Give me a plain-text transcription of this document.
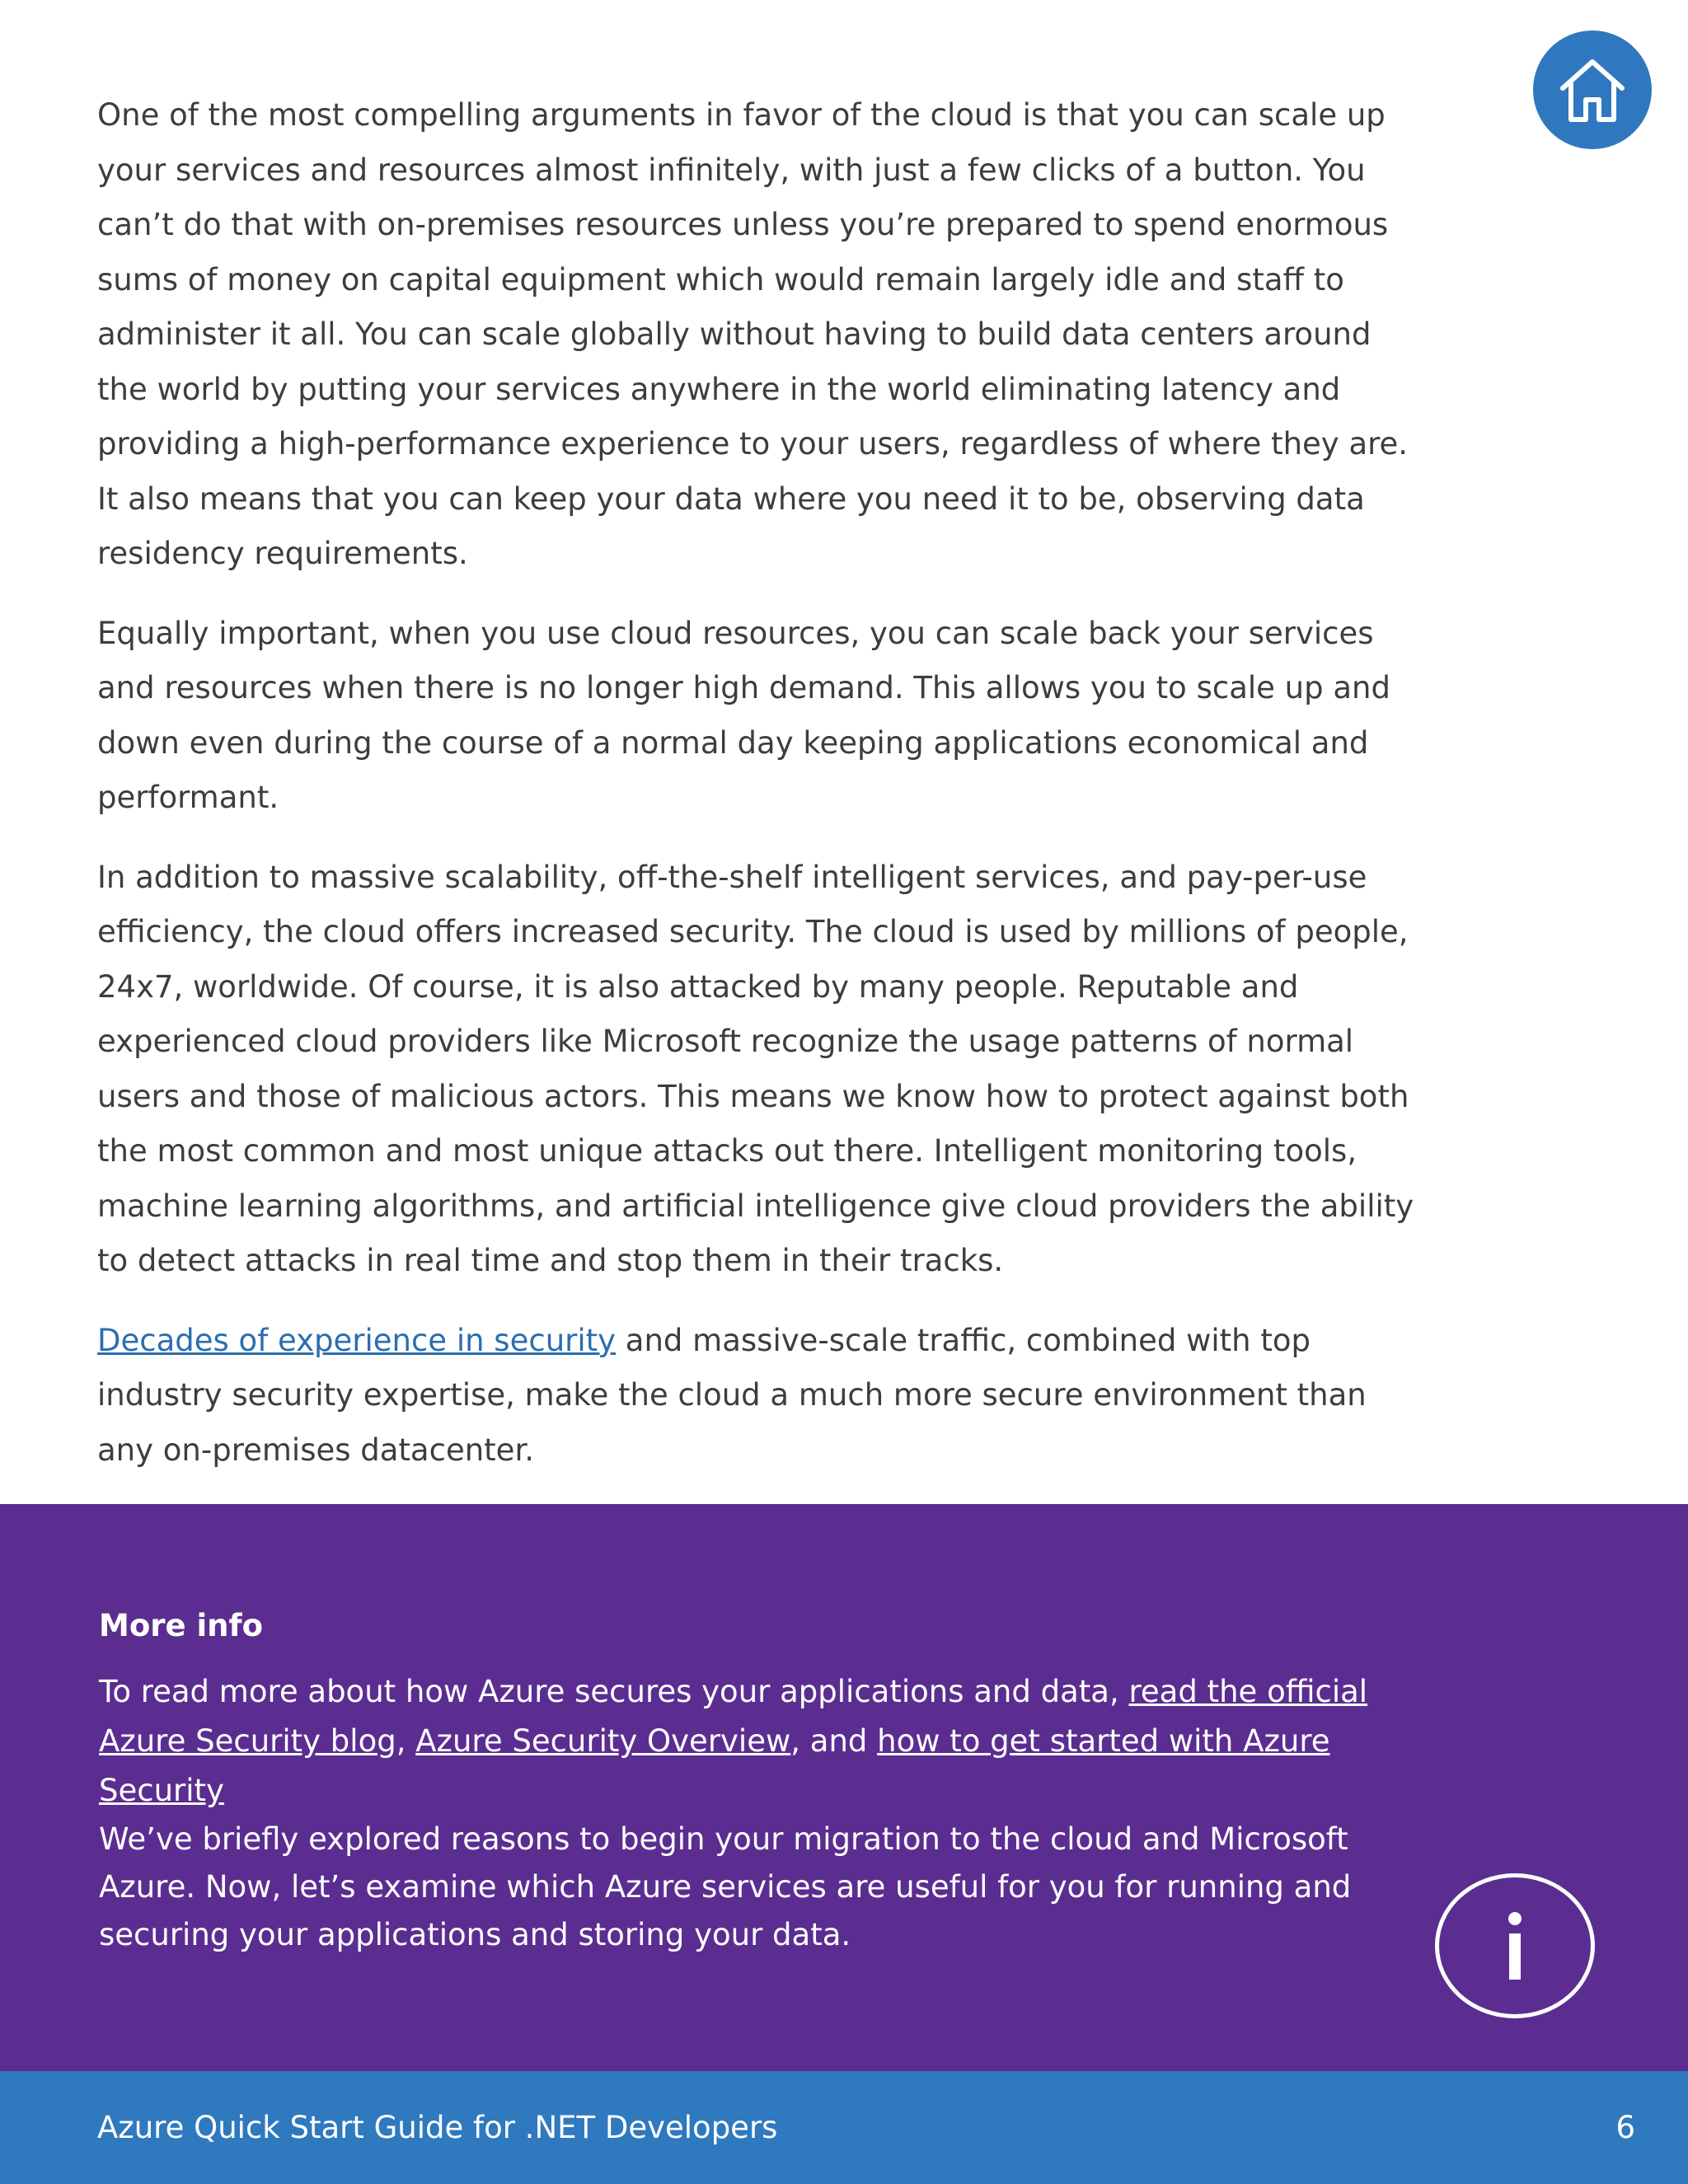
One of the most compelling arguments in favor of the cloud is that you can scale up your services and resources almost infinitely, with just a few clicks of a button. You can’t do that with on-premises resources unless you’re prepared to spend enormous sums of money on capital equipment which would remain largely idle and staff to administer it all. You can scale globally without having to build data centers around the world by putting your services anywhere in the world eliminating latency and providing a high-performance experience to your users, regardless of where they are. It also means that you can keep your data where you need it to be, observing data residency requirements.

Equally important, when you use cloud resources, you can scale back your services and resources when there is no longer high demand. This allows you to scale up and down even during the course of a normal day keeping applications economical and performant.

In addition to massive scalability, off-the-shelf intelligent services, and pay-per-use efficiency, the cloud offers increased security. The cloud is used by millions of people, 24x7, worldwide. Of course, it is also attacked by many people. Reputable and experienced cloud providers like Microsoft recognize the usage patterns of normal users and those of malicious actors. This means we know how to protect against both the most common and most unique attacks out there. Intelligent monitoring tools, machine learning algorithms, and artificial intelligence give cloud providers the ability to detect attacks in real time and stop them in their tracks.

Decades of experience in security and massive-scale traffic, combined with top industry security expertise, make the cloud a much more secure environment than any on-premises datacenter.

More info

To read more about how Azure secures your applications and data, read the official Azure Security blog, Azure Security Overview, and how to get started with Azure Security

We’ve briefly explored reasons to begin your migration to the cloud and Microsoft Azure. Now, let’s examine which Azure services are useful for you for running and securing your applications and storing your data.

Azure Quick Start Guide for .NET Developers	6
